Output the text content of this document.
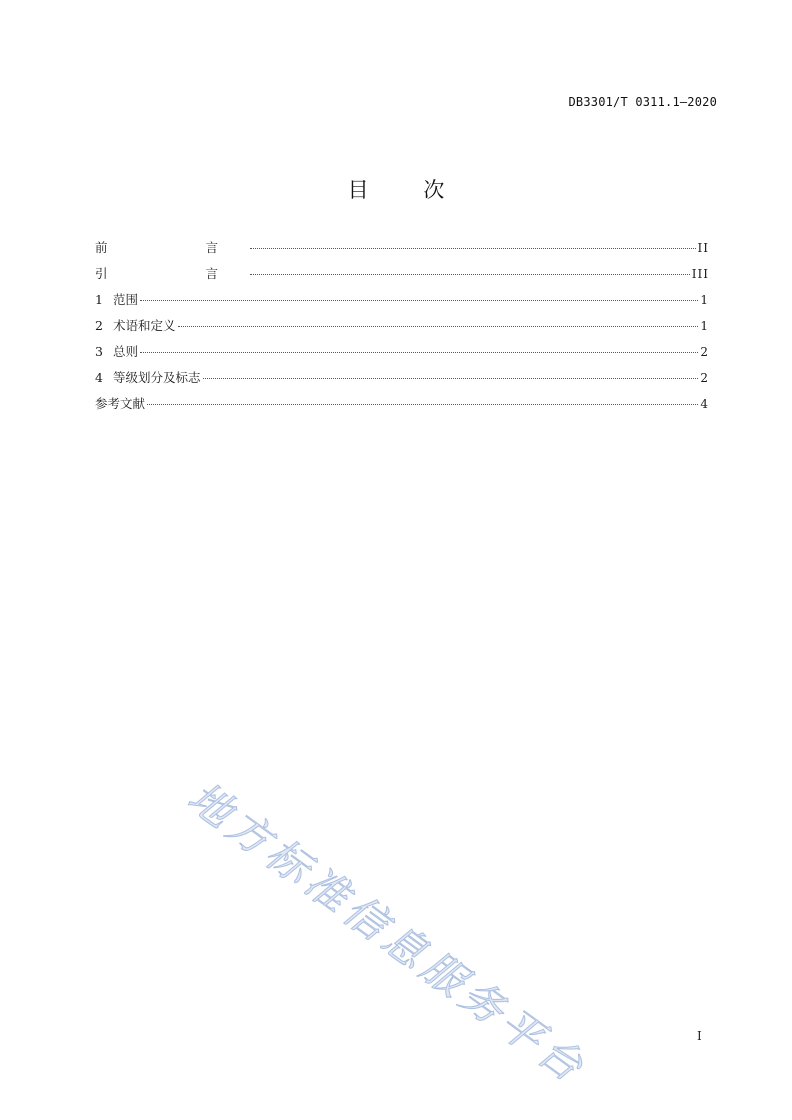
DB3301/T 0311.1—2020
目	次
前  言	II
引  言	III
1 范围	1
2 术语和定义	1
3 总则	2
4 等级划分及标志	2
参考文献	4
地方标准信息服务平台	I
